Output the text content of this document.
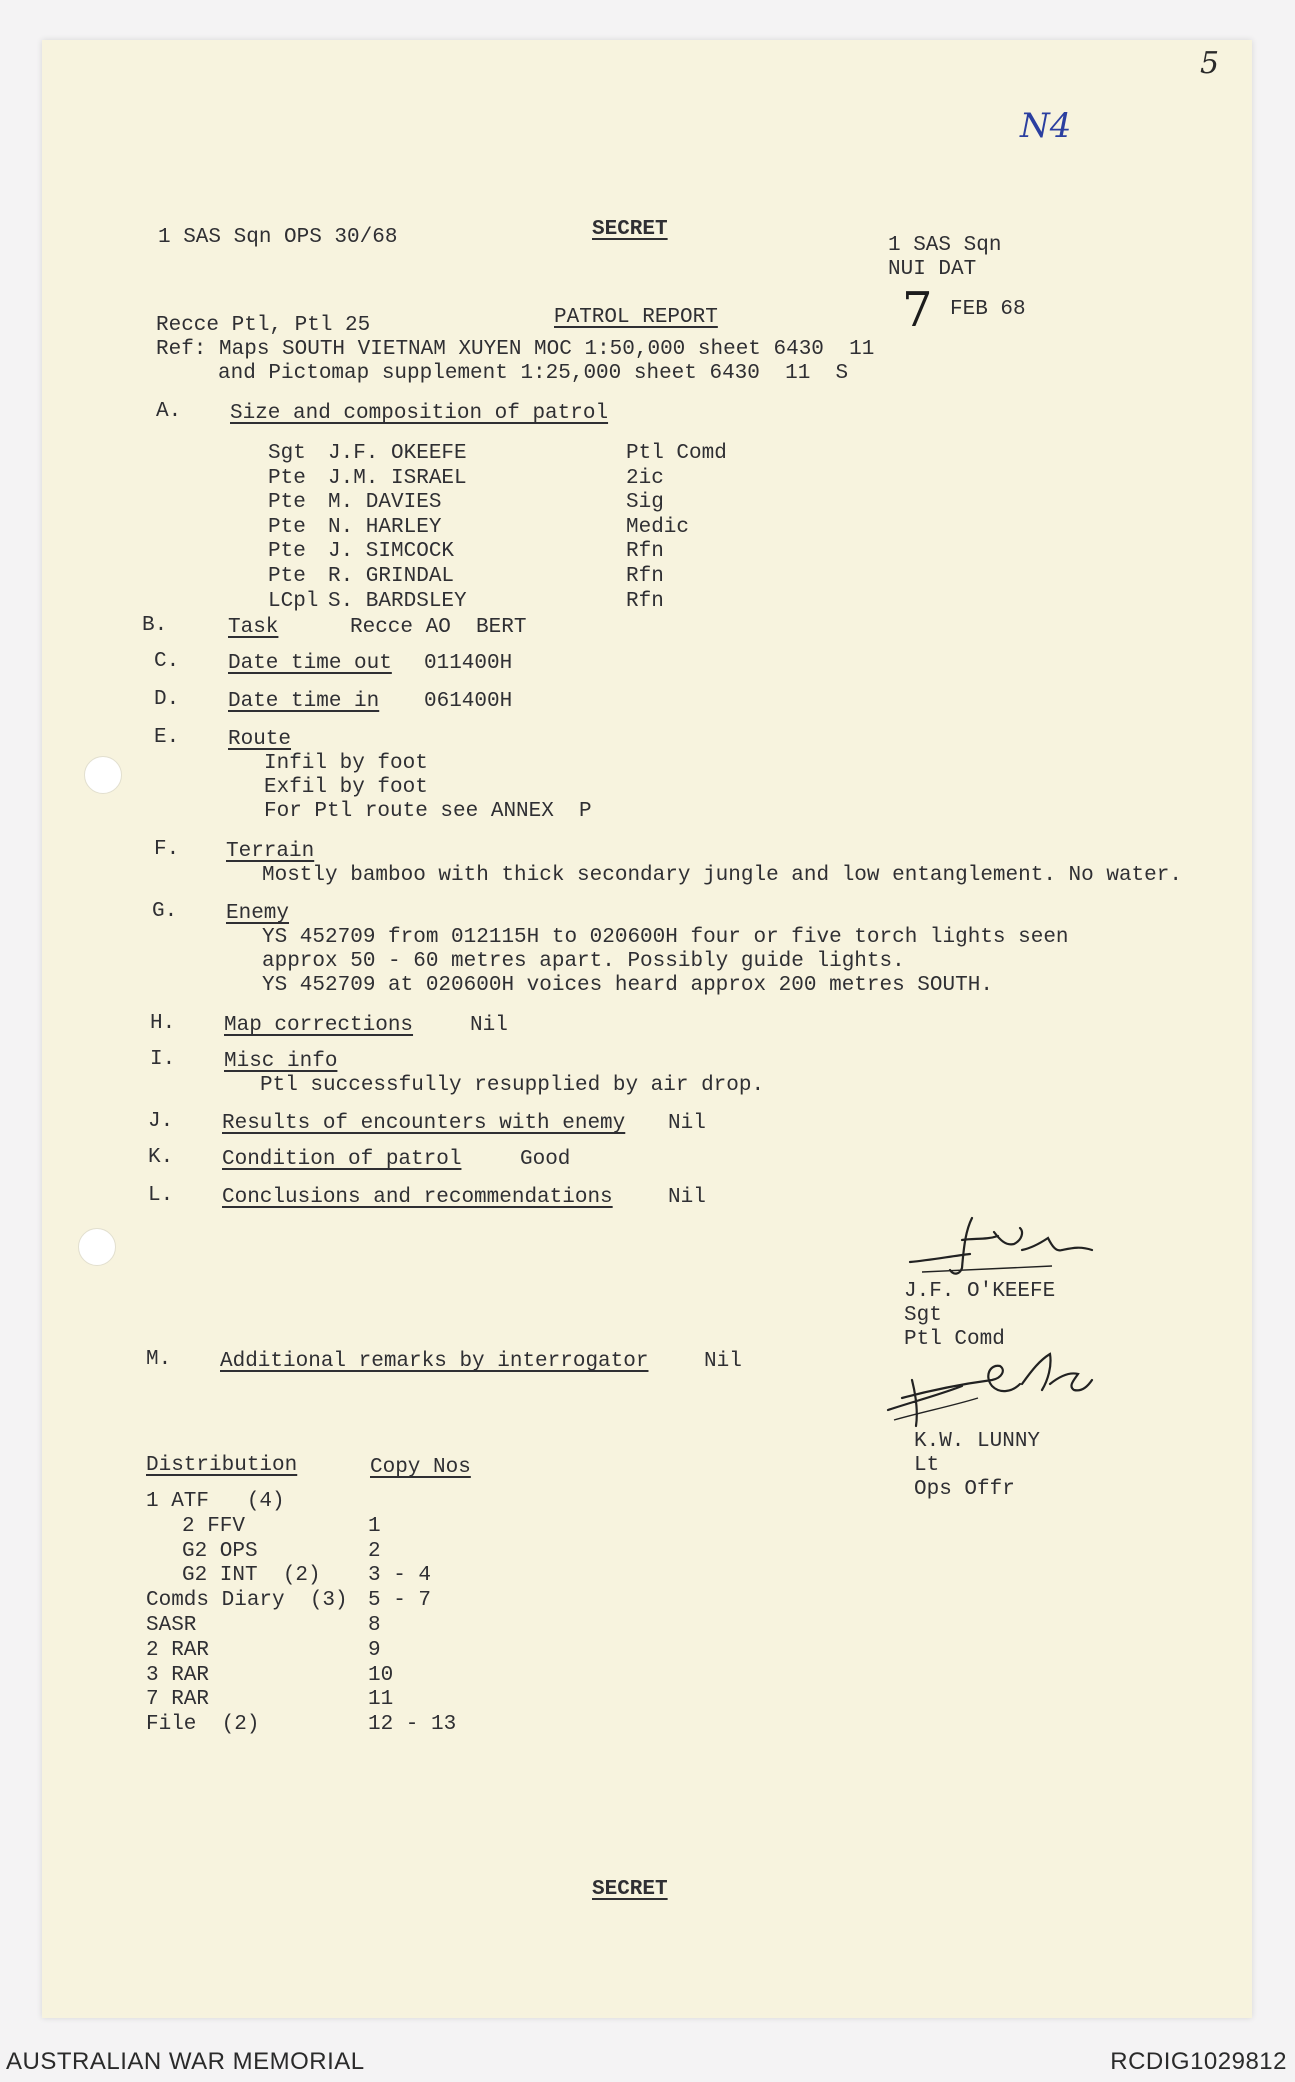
5
N4
1 SAS Sqn OPS 30/68	SECRET
1 SAS Sqn
NUI DAT
7 FEB 68
PATROL REPORT
Recce Ptl, Ptl 25
Ref: Maps SOUTH VIETNAM XUYEN MOC 1:50,000 sheet 6430  11
and Pictomap supplement 1:25,000 sheet 6430  11  S
A. Size and composition of patrol
B.	Task	Recce AO  BERT
C. Date time out 011400H
D. Date time in 061400H
E. Route
Infil by foot
Exfil by foot
For Ptl route see ANNEX  P
F. Terrain
Mostly bamboo with thick secondary jungle and low entanglement. No water.
G. Enemy
YS 452709 from 012115H to 020600H four or five torch lights seen
approx 50 - 60 metres apart. Possibly guide lights.
YS 452709 at 020600H voices heard approx 200 metres SOUTH.
H. Map corrections	Nil
I. Misc info
Ptl successfully resupplied by air drop.
J. Results of encounters with enemy Nil
K. Condition of patrol	Good
L. Conclusions and recommendations	Nil
J.F. O'KEEFE
Sgt
Ptl Comd
K.W. LUNNY
Lt
Ops Offr
M. Additional remarks by interrogator	Nil
Distribution	Copy Nos
SECRET
Sgt J.F. OKEEFE	Ptl Comd
Pte J.M. ISRAEL	2ic
Pte M. DAVIES	Sig
Pte N. HARLEY	Medic
Pte J. SIMCOCK	Rfn
Pte R. GRINDAL	Rfn
LCpl S. BARDSLEY	Rfn
1 ATF   (4)
2 FFV	1
G2 OPS	2
G2 INT  (2) 3 - 4
Comds Diary  (3) 5 - 7
SASR	8
2 RAR	9
3 RAR	10
7 RAR	11
File  (2)	12 - 13
AUSTRALIAN WAR MEMORIAL	RCDIG1029812
